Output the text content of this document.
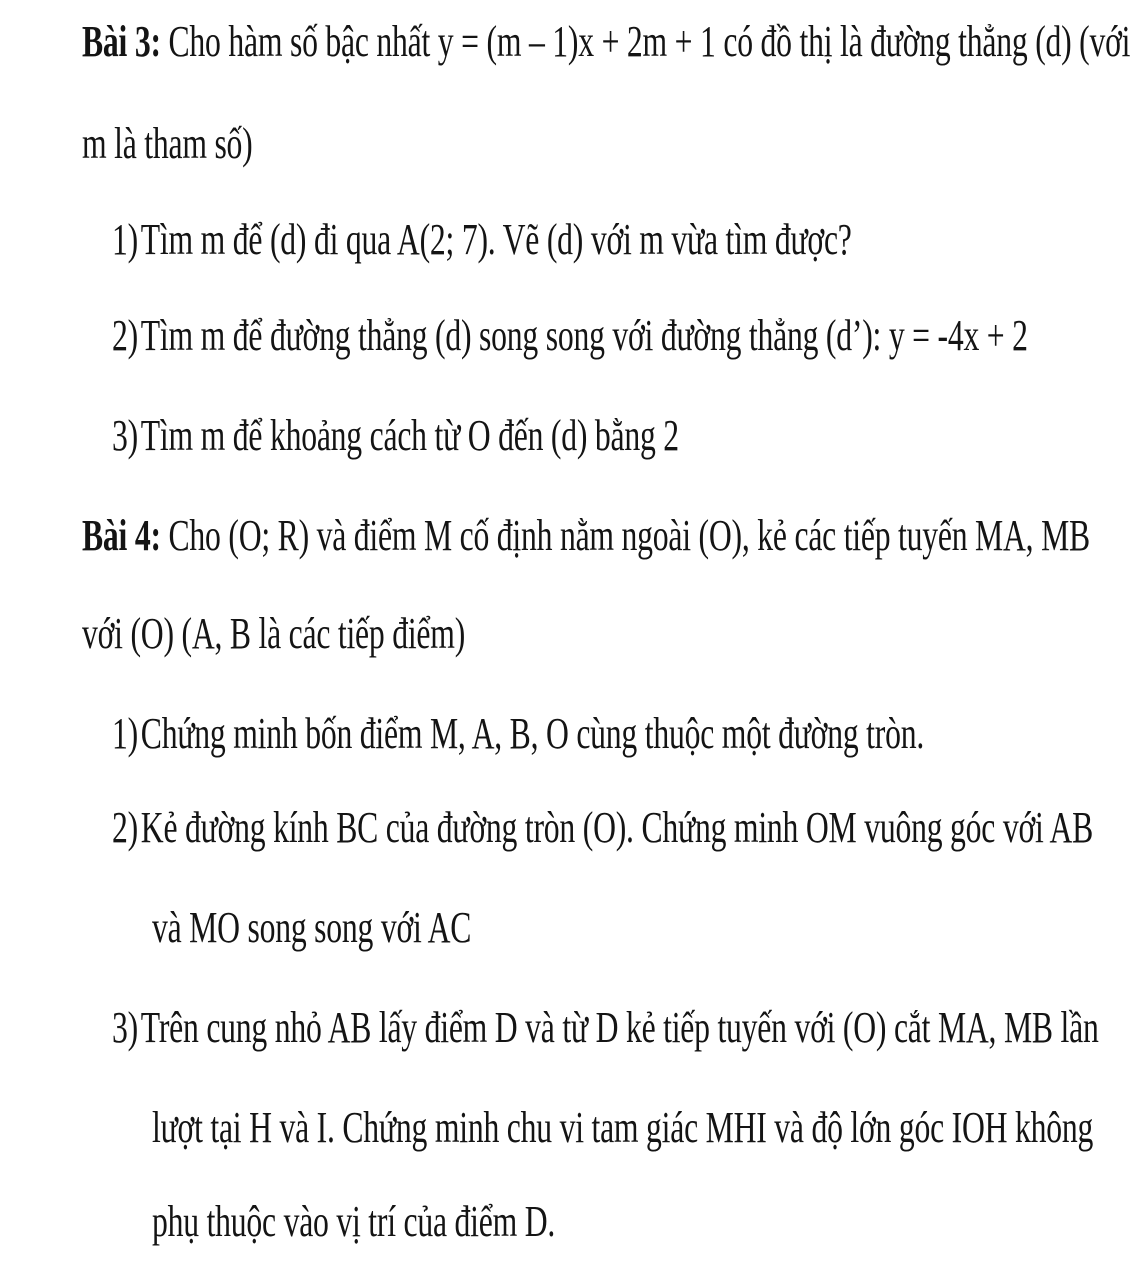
Bài 3: Cho hàm số bậc nhất y = (m – 1)x + 2m + 1 có đồ thị là đường thẳng (d) (với
m là tham số)
1)Tìm m để (d) đi qua A(2; 7). Vẽ (d) với m vừa tìm được?
2)Tìm m để đường thẳng (d) song song với đường thẳng (d’): y = -4x + 2
3)Tìm m để khoảng cách từ O đến (d) bằng 2
Bài 4: Cho (O; R) và điểm M cố định nằm ngoài (O), kẻ các tiếp tuyến MA, MB
với (O) (A, B là các tiếp điểm)
1)Chứng minh bốn điểm M, A, B, O cùng thuộc một đường tròn.
2)Kẻ đường kính BC của đường tròn (O). Chứng minh OM vuông góc với AB
và MO song song với AC
3)Trên cung nhỏ AB lấy điểm D và từ D kẻ tiếp tuyến với (O) cắt MA, MB lần
lượt tại H và I. Chứng minh chu vi tam giác MHI và độ lớn góc IOH không
phụ thuộc vào vị trí của điểm D.
